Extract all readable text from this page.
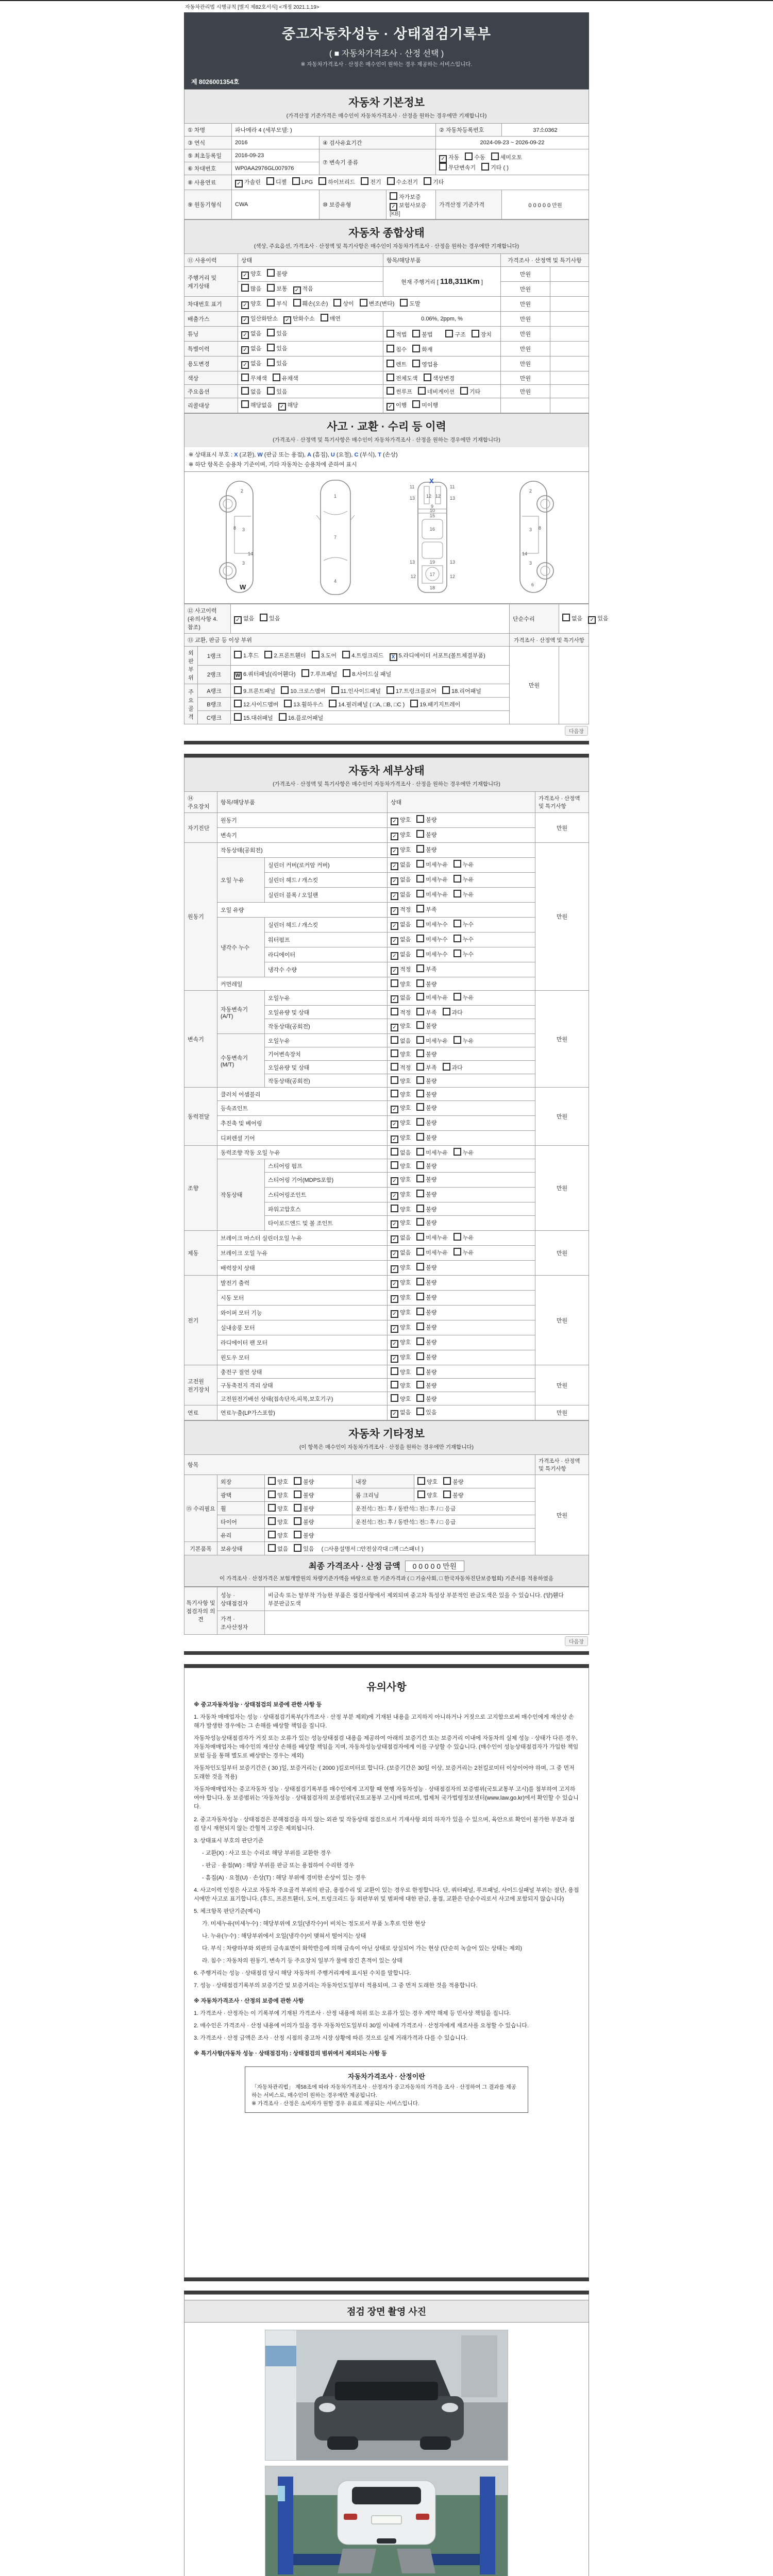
자동차관리법 시행규칙 [별지 제82호서식] <개정 2021.1.19>
중고자동차성능 · 상태점검기록부
( ■ 자동차가격조사 · 산정 선택 )
※ 자동차가격조사 · 산정은 매수인이 원하는 경우 제공하는 서비스입니다.
제 8026001354호
자동차 기본정보
(가격산정 기준가격은 매수인이 자동차가격조사 · 산정을 원하는 경우에만 기재합니다)
① 차명	파나메라 4 (세부모델: )			② 자동차등록번호	37소0362
③ 연식	2016	④ 검사유효기간		2024-09-23 ~ 2026-09-22	
⑤ 최초등록일	2016-09-23	⑦ 변속기 종류		✓ 자동 수동 세미오토
무단변속기 기타 ( )	
⑥ 차대번호	WP0AA2976GL007976				
⑧ 사용연료	✓ 가솔린 디젤 LPG 하이브리드 전기 수소전기 기타				
⑨ 원동기형식	CWA	⑩ 보증유형	자가보증✓ 보험사보증 [KB]	가격산정 기준가격	0 0 0 0 0 만원
자동차 종합상태
(색상, 주요옵션, 가격조사 · 산정액 및 특기사항은 매수인이 자동차가격조사 · 산정을 원하는 경우에만 기재합니다)
⑪ 사용이력	상태	항목/해당부품	가격조사 · 산정액 및 특기사항	
주행거리 및 계기상태	✓ 양호 불량	현재 주행거리 [ 118,311Km ]	만원	
	많음 보통 ✓ 적음		만원	
차대번호 표기	✓ 양호 부식 훼손(오손) 상이 변조(변타) 도말		만원	
배출가스	✓ 일산화탄소 ✓ 탄화수소 매연	0.06%, 2ppm, %	만원	
튜닝	✓ 없음 있음	적법 불법 구조 장치	만원	
특별이력	✓ 없음 있음	침수 화재	만원	
용도변경	✓ 없음 있음	렌트 영업용	만원	
색상	무채색 유채색	전체도색 색상변경	만원	
주요옵션	없음 있음	썬루프 네비게이션 기타	만원	
리콜대상	해당없음 ✓ 해당	✓ 이행 미이행		
사고 · 교환 · 수리 등 이력
(가격조사 · 산정액 및 특기사항은 매수인이 자동차가격조사 · 산정을 원하는 경우에만 기재합니다)
※ 상태표시 부호 : X (교환), W (판금 또는 용접), A (흠집), U (요철), C (부식), T (손상)
※ 하단 항목은 승용차 기준이며, 기타 자동차는 승용차에 준하여 표시
2
8 3
14
3
W
1
7
4
X
11	11
13	13
12 12
9
10
15
16
13	13
19
12	12
17
18
2
8
3
14
3
6
⑫ 사고이력 (유의사항 4.참조)		✓ 없음 있음	단순수리	없음 ✓ 있음
⑬ 교환, 판금 등 이상 부위			가격조사 · 산정액 및 특기사항	
외판부위	1랭크	1.후드 2.프론트휀더 3.도어 4.트렁크리드 X 5.라디에이터 서포트(볼트체결부품)	만원	
	2랭크	W 6.쿼터패널(리어휀다) 7.루프패널 8.사이드실 패널		
주요골격	A랭크	9.프론트패널 10.크로스멤버 11.인사이드패널 17.트렁크플로어 18.리어패널		
	B랭크	12.사이드멤버 13.휠하우스 14.필러패널 ( □A, □B, □C ) 19.패키지트레이		
	C랭크	15.대쉬패널 16.플로어패널		
다음장
자동차 세부상태
(가격조사 · 산정액 및 특기사항은 매수인이 자동차가격조사 · 산정을 원하는 경우에만 기재합니다)
⑭ 주요장치	항목/해당부품		상태	가격조사 · 산정액 및 특기사항
자기진단	원동기		✓ 양호 불량	만원
	변속기		✓ 양호 불량	
원동기	작동상태(공회전)		✓ 양호 불량	만원
	오일 누유	실린더 커버(로커암 커버)	✓ 없음 미세누유 누유	
		실린더 헤드 / 개스킷	✓ 없음 미세누유 누유	
		실린더 블록 / 오일팬	✓ 없음 미세누유 누유	
	오일 유량		✓ 적정 부족	
	냉각수 누수	실린더 헤드 / 개스킷	✓ 없음 미세누수 누수	
		워터펌프	✓ 없음 미세누수 누수	
		라디에이터	✓ 없음 미세누수 누수	
		냉각수 수량	✓ 적정 부족	
	커먼레일		양호 불량	
변속기	자동변속기 (A/T)	오일누유	✓ 없음 미세누유 누유	만원
		오일유량 및 상태	적정 부족 과다	
		작동상태(공회전)	✓ 양호 불량	
	수동변속기 (M/T)	오일누유	없음 미세누유 누유	
		기어변속장치	양호 불량	
		오일유량 및 상태	적정 부족 과다	
		작동상태(공회전)	양호 불량	
동력전달	클러치 어셈블리		양호 불량	만원
	등속죠인트		✓ 양호 불량	
	추진축 및 베어링		✓ 양호 불량	
	디퍼렌셜 기어		✓ 양호 불량	
조향	동력조향 작동 오일 누유		없음 미세누유 누유	만원
	작동상태	스티어링 펌프	양호 불량	
		스티어링 기어(MDPS포함)	✓ 양호 불량	
		스티어링조인트	✓ 양호 불량	
		파워고압호스	양호 불량	
		타이로드엔드 및 볼 조인트	✓ 양호 불량	
제동	브레이크 마스터 실린더오일 누유		✓ 없음 미세누유 누유	만원
	브레이크 오일 누유		✓ 없음 미세누유 누유	
	배력장치 상태		✓ 양호 불량	
전기	발전기 출력		✓ 양호 불량	만원
	시동 모터		✓ 양호 불량	
	와이퍼 모터 기능		✓ 양호 불량	
	실내송풍 모터		✓ 양호 불량	
	라디에이터 팬 모터		✓ 양호 불량	
	윈도우 모터		✓ 양호 불량	
고전원 전기장치	충전구 절연 상태		양호 불량	만원
	구동축전지 격리 상태		양호 불량	
	고전원전기배선 상태(접속단자,피복,보호기구)		양호 불량	
연료	연료누출(LP가스포함)		✓ 없음 있음	만원
자동차 기타정보
(이 항목은 매수인이 자동차가격조사 · 산정을 원하는 경우에만 기재합니다)
항목					가격조사 · 산정액 및 특기사항
⑮ 수리필요	외장	양호 불량	내장	양호 불량	만원
	광택	양호 불량	룸 크리닝	양호 불량	
	휠	양호 불량	운전석□ 전□ 후 / 동반석□ 전□ 후 / □ 응급		
	타이어	양호 불량	운전석□ 전□ 후 / 동반석□ 전□ 후 / □ 응급		
	유리	양호 불량			
기본품목	보유상태	없음 있음 ( □사용설명서 □안전삼각대 □잭 □스패너 )			
최종 가격조사 · 산정 금액 0 0 0 0 0 만원
이 가격조사 · 산정가격은 보험개발원의 차량기준가액을 바탕으로 한 기준가격과 ( □ 기술사회, □ 한국자동차진단보증협회) 기준서를 적용하였음
특기사항 및 점검자의 의견	성능 · 상태점검자	비금속 또는 탈부착 가능한 부품은 점검사항에서 제외되며 중고차 특성상 부분적인 판금도색은 있을 수 있습니다. (양)휀다 부분판금도색
	가격 · 조사산정자	
다음장
유의사항

※ 중고자동차성능 · 상태점검의 보증에 관한 사항 등

1. 자동차 매매업자는 성능 · 상태점검기록부(가격조사 · 산정 부분 제외)에 기재된 내용을 고지하지 아니하거나 거짓으로 고지함으로써 매수인에게 재산상 손해가 발생한 경우에는 그 손해를 배상할 책임을 집니다.

자동차성능상태점검자가 거짓 또는 오류가 있는 성능상태점검 내용을 제공하여 아래의 보증기간 또는 보증거리 이내에 자동차의 실제 성능 · 상태가 다른 경우, 자동차매매업자는 매수인의 재산상 손해를 배상할 책임을 지며, 자동차성능상태점검자에게 이를 구상할 수 있습니다. (매수인이 성능상태점검자가 가입한 책임보험 등을 통해 별도로 배상받는 경우는 제외)

자동차인도일부터 보증기간은 ( 30 )일, 보증거리는 ( 2000 )킬로미터로 합니다. (보증기간은 30일 이상, 보증거리는 2천킬로미터 이상이어야 하며, 그 중 먼저 도래한 것을 적용)

자동차매매업자는 중고자동차 성능 · 상태점검기록부를 매수인에게 고지할 때 현행 자동차성능 · 상태점검자의 보증범위(국토교통부 고시)를 첨부하여 고지하여야 합니다. 동 보증범위는 '자동차성능 · 상태점검자의 보증범위'(국토교통부 고시)에 따르며, 법제처 국가법령정보센터(www.law.go.kr)에서 확인할 수 있습니다.

2. 중고자동차성능 · 상태점검은 분해점검을 하지 않는 외관 및 작동상태 점검으로서 기재사항 외의 하자가 있을 수 있으며, 육안으로 확인이 불가한 부분과 점검 당시 재현되지 않는 간헐적 고장은 제외됩니다.

3. 상태표시 부호의 판단기준

- 교환(X) : 사고 또는 수리로 해당 부위를 교환한 경우

- 판금 · 용접(W) : 해당 부위를 판금 또는 용접하여 수리한 경우

- 흠집(A) · 요철(U) · 손상(T) : 해당 부위에 경미한 손상이 있는 경우

4. 사고이력 인정은 사고로 자동차 주요골격 부위의 판금, 용접수리 및 교환이 있는 경우로 한정합니다. 단, 쿼터패널, 루프패널, 사이드실패널 부위는 절단, 용접 시에만 사고로 표기합니다. (후드, 프론트휀더, 도어, 트렁크리드 등 외판부위 및 범퍼에 대한 판금, 용접, 교환은 단순수리로서 사고에 포함되지 않습니다)

5. 체크항목 판단기준(예시)

가. 미세누유(미세누수) : 해당부위에 오일(냉각수)이 비치는 정도로서 부품 노후로 인한 현상

나. 누유(누수) : 해당부위에서 오일(냉각수)이 맺혀서 떨어지는 상태

다. 부식 : 차량하부와 외판의 금속표면이 화학반응에 의해 금속이 아닌 상태로 상실되어 가는 현상 (단순히 녹슬어 있는 상태는 제외)

라. 침수 : 자동차의 원동기, 변속기 등 주요장치 일부가 물에 잠긴 흔적이 있는 상태

6. 주행거리는 성능 · 상태점검 당시 해당 자동차의 주행거리계에 표시된 수치를 말합니다.

7. 성능 · 상태점검기록부의 보증기간 및 보증거리는 자동차인도일부터 적용되며, 그 중 먼저 도래한 것을 적용합니다.

※ 자동차가격조사 · 산정의 보증에 관한 사항

1. 가격조사 · 산정자는 이 기록부에 기재된 가격조사 · 산정 내용에 허위 또는 오류가 있는 경우 계약 해제 등 민사상 책임을 집니다.

2. 매수인은 가격조사 · 산정 내용에 이의가 있을 경우 자동차인도일부터 30일 이내에 가격조사 · 산정자에게 재조사를 요청할 수 있습니다.

3. 가격조사 · 산정 금액은 조사 · 산정 시점의 중고차 시장 상황에 따른 것으로 실제 거래가격과 다를 수 있습니다.

※ 특기사항(자동차 성능 · 상태점검자) : 상태점검의 범위에서 제외되는 사항 등

자동차가격조사 · 산정이란
「자동차관리법」 제58조에 따라 자동차가격조사 · 산정자가 중고자동차의 가격을 조사 · 산정하여 그 결과를 제공하는 서비스로, 매수인이 원하는 경우에만 제공됩니다.
※ 가격조사 · 산정은 소비자가 원할 경우 유료로 제공되는 서비스입니다.
점검 장면 촬영 사진
